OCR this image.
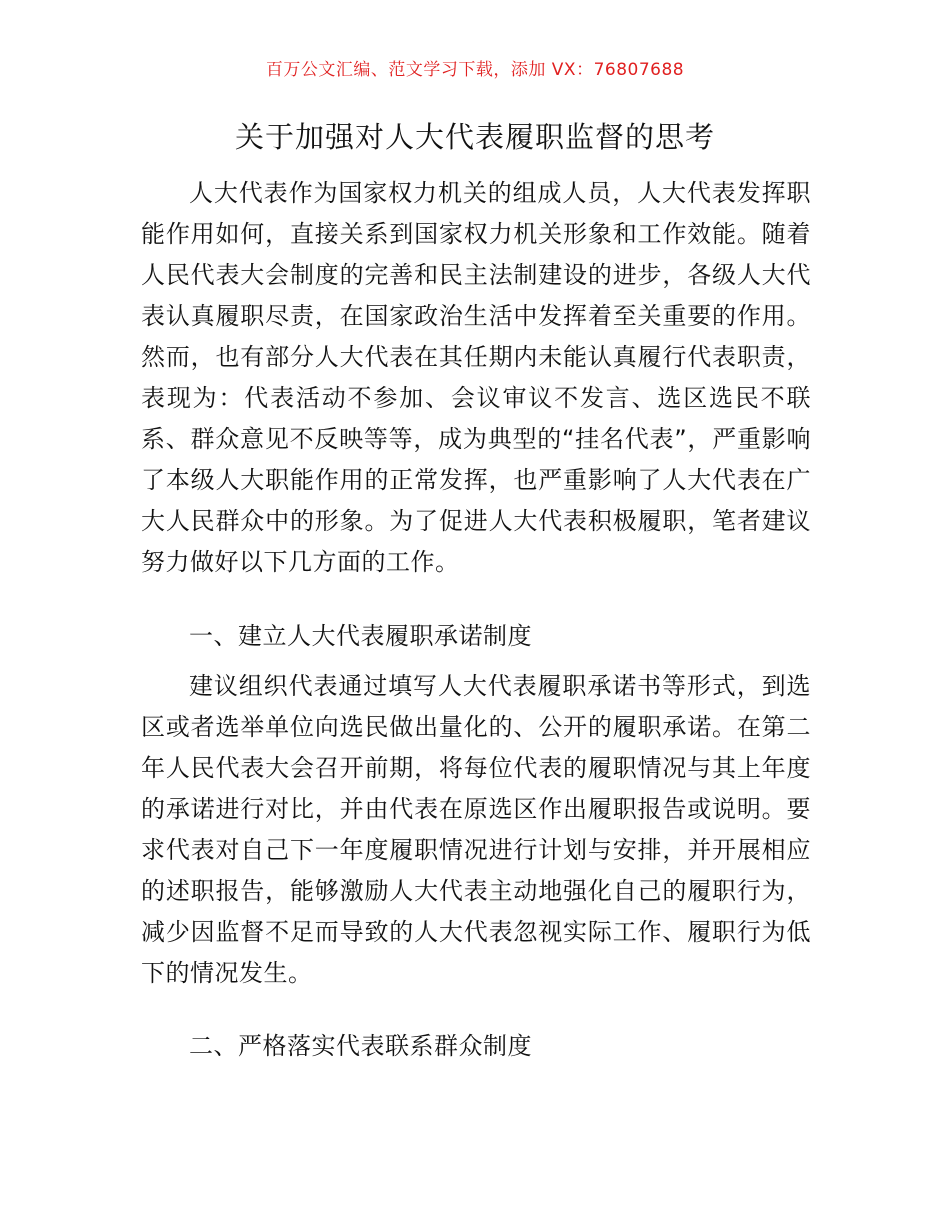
百万公文汇编、范文学习下载，添加 VX：76807688
关于加强对人大代表履职监督的思考

人大代表作为国家权力机关的组成人员，人大代表发挥职能作用如何，直接关系到国家权力机关形象和工作效能。随着人民代表大会制度的完善和民主法制建设的进步，各级人大代表认真履职尽责，在国家政治生活中发挥着至关重要的作用。然而，也有部分人大代表在其任期内未能认真履行代表职责，表现为：代表活动不参加、会议审议不发言、选区选民不联系、群众意见不反映等等，成为典型的“挂名代表”，严重影响了本级人大职能作用的正常发挥，也严重影响了人大代表在广大人民群众中的形象。为了促进人大代表积极履职，笔者建议努力做好以下几方面的工作。

一、建立人大代表履职承诺制度

建议组织代表通过填写人大代表履职承诺书等形式，到选区或者选举单位向选民做出量化的、公开的履职承诺。在第二年人民代表大会召开前期，将每位代表的履职情况与其上年度的承诺进行对比，并由代表在原选区作出履职报告或说明。要求代表对自己下一年度履职情况进行计划与安排，并开展相应的述职报告，能够激励人大代表主动地强化自己的履职行为，减少因监督不足而导致的人大代表忽视实际工作、履职行为低下的情况发生。

二、严格落实代表联系群众制度
